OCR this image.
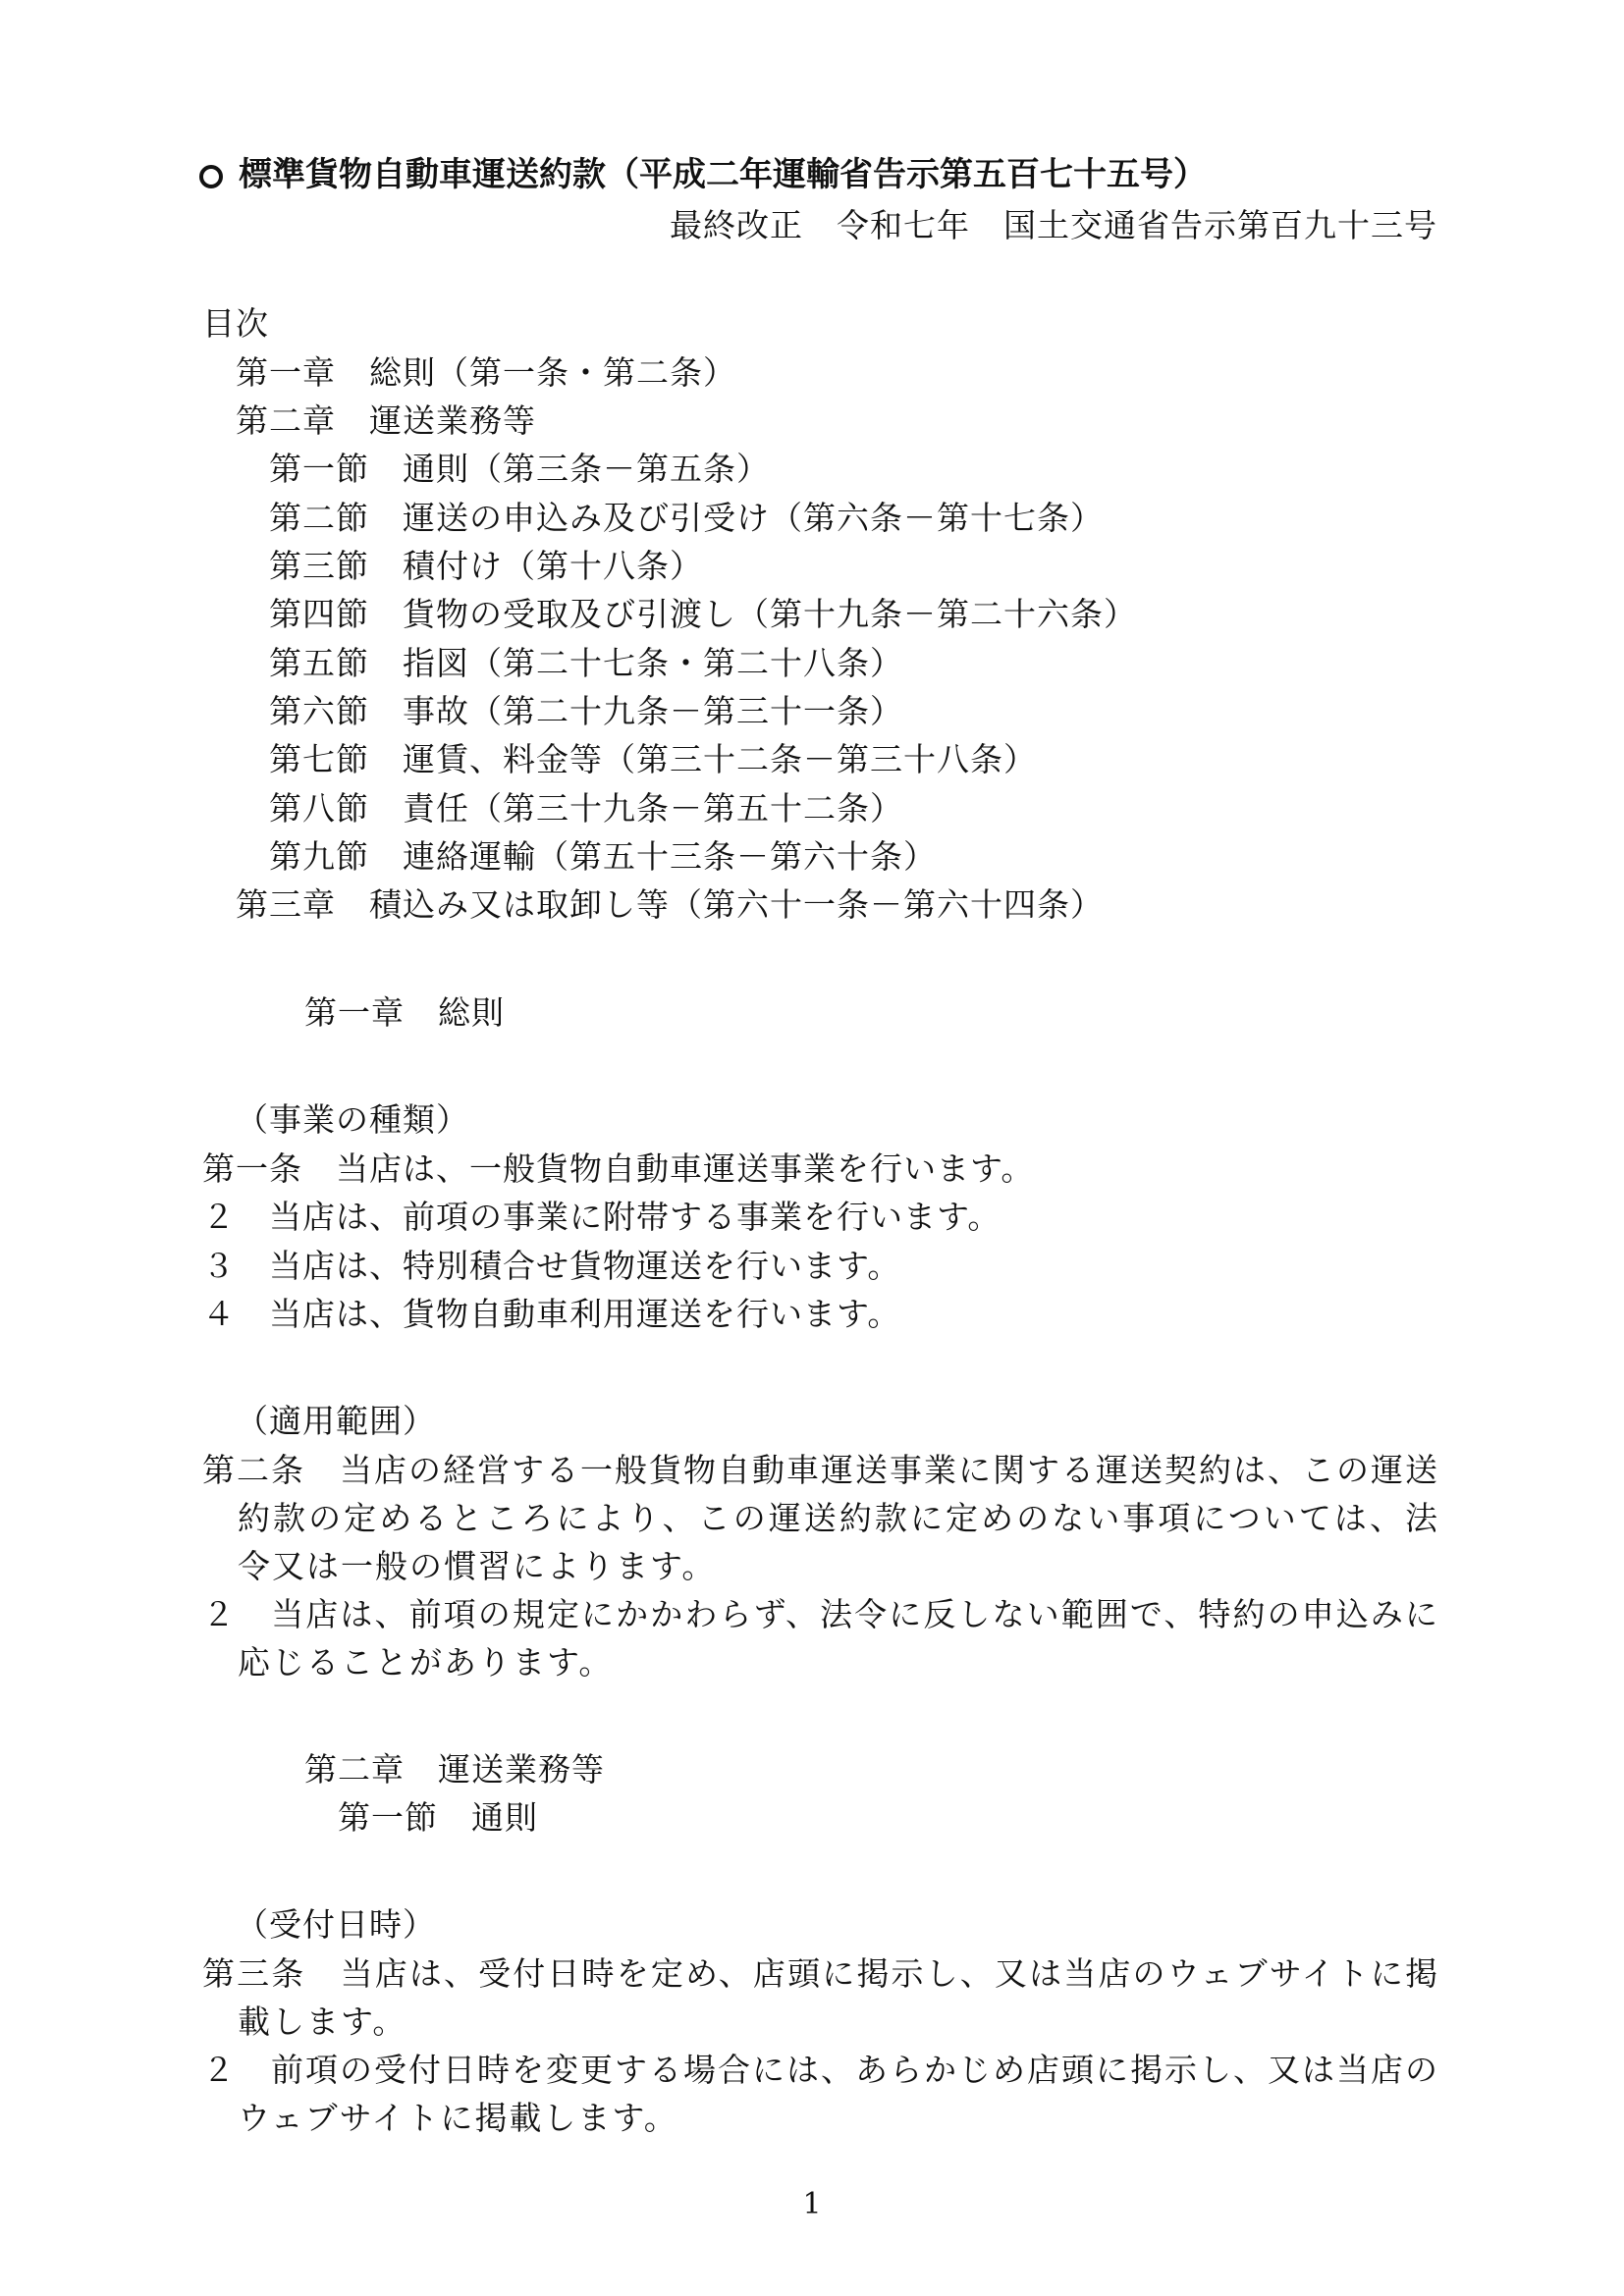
標準貨物自動車運送約款（平成二年運輸省告示第五百七十五号）
最終改正　令和七年　国土交通省告示第百九十三号
目次
第一章　総則（第一条・第二条）
第二章　運送業務等
第一節　通則（第三条－第五条）
第二節　運送の申込み及び引受け（第六条－第十七条）
第三節　積付け（第十八条）
第四節　貨物の受取及び引渡し（第十九条－第二十六条）
第五節　指図（第二十七条・第二十八条）
第六節　事故（第二十九条－第三十一条）
第七節　運賃、料金等（第三十二条－第三十八条）
第八節　責任（第三十九条－第五十二条）
第九節　連絡運輸（第五十三条－第六十条）
第三章　積込み又は取卸し等（第六十一条－第六十四条）
第一章　総則
（事業の種類）
第一条　当店は、一般貨物自動車運送事業を行います。
２　当店は、前項の事業に附帯する事業を行います。
３　当店は、特別積合せ貨物運送を行います。
４　当店は、貨物自動車利用運送を行います。
（適用範囲）
第二条　当店の経営する一般貨物自動車運送事業に関する運送契約は、この運送約款の定めるところにより、この運送約款に定めのない事項については、法令又は一般の慣習によります。
２　当店は、前項の規定にかかわらず、法令に反しない範囲で、特約の申込みに応じることがあります。
第二章　運送業務等
第一節　通則
（受付日時）
第三条　当店は、受付日時を定め、店頭に掲示し、又は当店のウェブサイトに掲載します。
２　前項の受付日時を変更する場合には、あらかじめ店頭に掲示し、又は当店のウェブサイトに掲載します。
1
